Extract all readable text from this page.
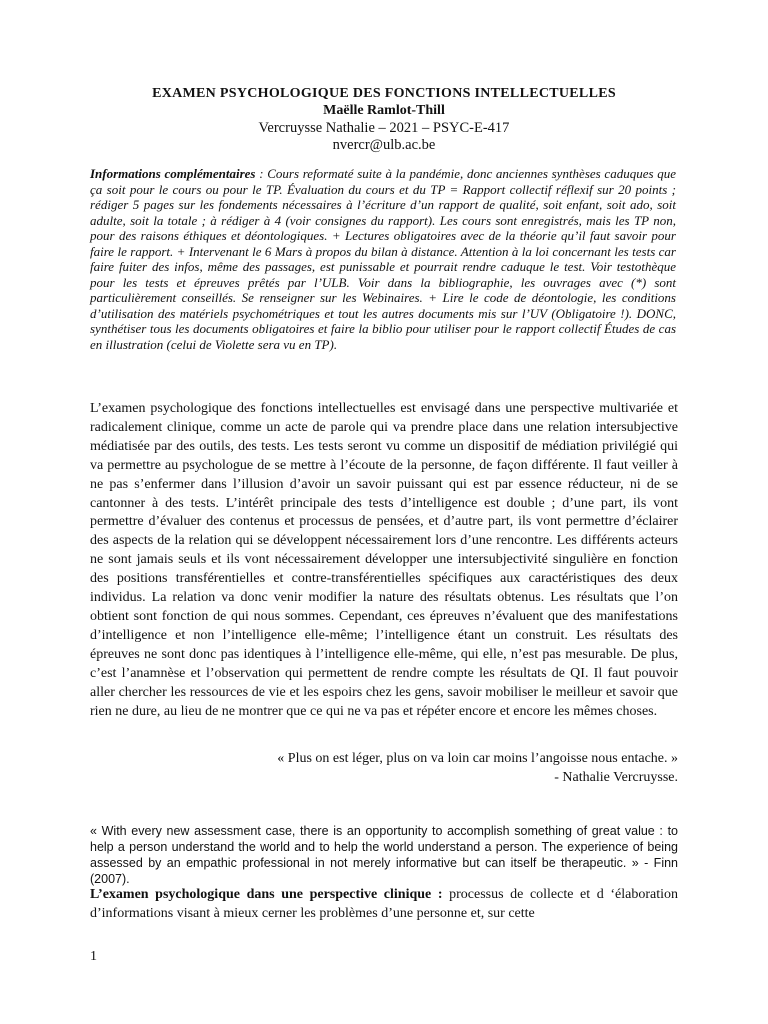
EXAMEN PSYCHOLOGIQUE DES FONCTIONS INTELLECTUELLES
Maëlle Ramlot-Thill
Vercruysse Nathalie – 2021 – PSYC-E-417
nvercr@ulb.ac.be
Informations complémentaires : Cours reformaté suite à la pandémie, donc anciennes synthèses caduques que ça soit pour le cours ou pour le TP. Évaluation du cours et du TP = Rapport collectif réflexif sur 20 points ; rédiger 5 pages sur les fondements nécessaires à l’écriture d’un rapport de qualité, soit enfant, soit ado, soit adulte, soit la totale ; à rédiger à 4 (voir consignes du rapport). Les cours sont enregistrés, mais les TP non, pour des raisons éthiques et déontologiques. + Lectures obligatoires avec de la théorie qu’il faut savoir pour faire le rapport. + Intervenant le 6 Mars à propos du bilan à distance. Attention à la loi concernant les tests car faire fuiter des infos, même des passages, est punissable et pourrait rendre caduque le test. Voir testothèque pour les tests et épreuves prêtés par l’ULB. Voir dans la bibliographie, les ouvrages avec (*) sont particulièrement conseillés. Se renseigner sur les Webinaires. + Lire le code de déontologie, les conditions d’utilisation des matériels psychométriques et tout les autres documents mis sur l’UV (Obligatoire !). DONC, synthétiser tous les documents obligatoires et faire la biblio pour utiliser pour le rapport collectif Études de cas en illustration (celui de Violette sera vu en TP).
L’examen psychologique des fonctions intellectuelles est envisagé dans une perspective multivariée et radicalement clinique, comme un acte de parole qui va prendre place dans une relation intersubjective médiatisée par des outils, des tests. Les tests seront vu comme un dispositif de médiation privilégié qui va permettre au psychologue de se mettre à l’écoute de la personne, de façon différente. Il faut veiller à ne pas s’enfermer dans l’illusion d’avoir un savoir puissant qui est par essence réducteur, ni de se cantonner à des tests. L’intérêt principale des tests d’intelligence est double ; d’une part, ils vont permettre d’évaluer des contenus et processus de pensées, et d’autre part, ils vont permettre d’éclairer des aspects de la relation qui se développent nécessairement lors d’une rencontre. Les différents acteurs ne sont jamais seuls et ils vont nécessairement développer une intersubjectivité singulière en fonction des positions transférentielles et contre-transférentielles spécifiques aux caractéristiques des deux individus. La relation va donc venir modifier la nature des résultats obtenus. Les résultats que l’on obtient sont fonction de qui nous sommes. Cependant, ces épreuves n’évaluent que des manifestations d’intelligence et non l’intelligence elle-même; l’intelligence étant un construit. Les résultats des épreuves ne sont donc pas identiques à l’intelligence elle-même, qui elle, n’est pas mesurable. De plus, c’est l’anamnèse et l’observation qui permettent de rendre compte les résultats de QI. Il faut pouvoir aller chercher les ressources de vie et les espoirs chez les gens, savoir mobiliser le meilleur et savoir que rien ne dure, au lieu de ne montrer que ce qui ne va pas et répéter encore et encore les mêmes choses.
« Plus on est léger, plus on va loin car moins l’angoisse nous entache. »
- Nathalie Vercruysse.
« With every new assessment case, there is an opportunity to accomplish something of great value : to help a person understand the world and to help the world understand a person. The experience of being assessed by an empathic professional in not merely informative but can itself be therapeutic. » - Finn (2007).
L’examen psychologique dans une perspective clinique : processus de collecte et d ‘élaboration d’informations visant à mieux cerner les problèmes d’une personne et, sur cette
1
